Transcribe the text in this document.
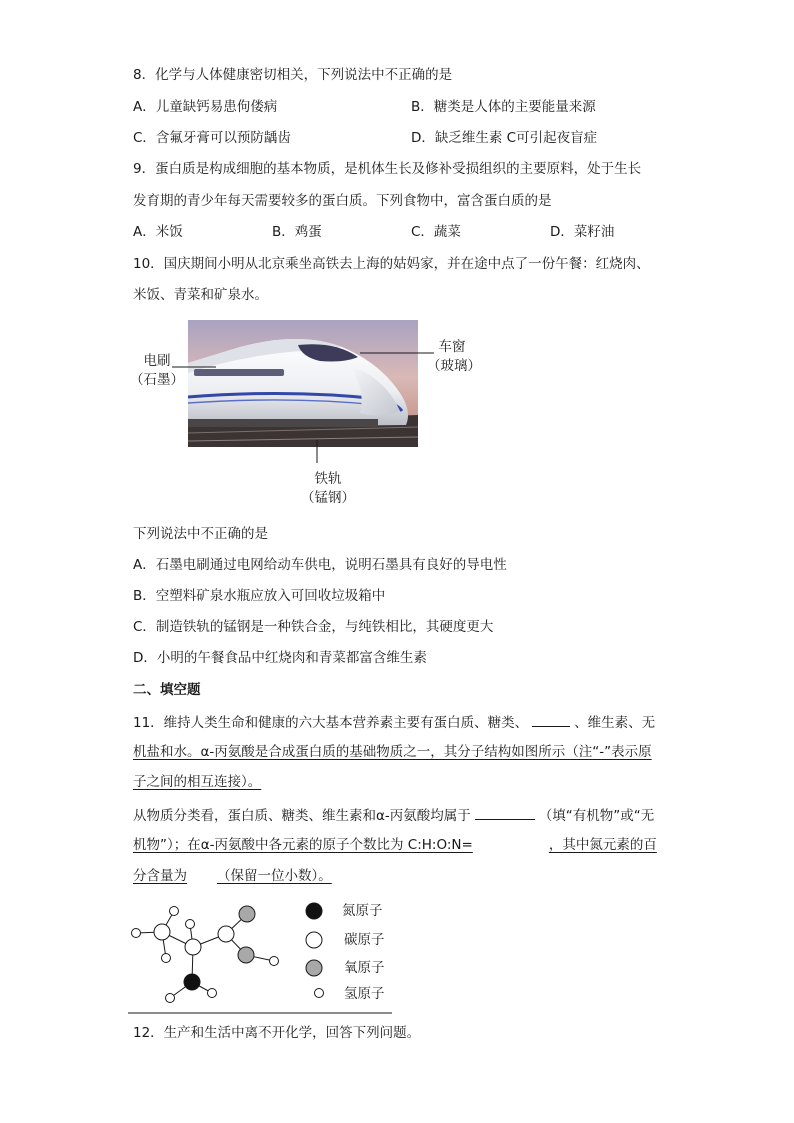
8．化学与人体健康密切相关，下列说法中不正确的是
A．儿童缺钙易患佝偻病	B．糖类是人体的主要能量来源
C．含氟牙膏可以预防龋齿	D．缺乏维生素 C可引起夜盲症
9．蛋白质是构成细胞的基本物质，是机体生长及修补受损组织的主要原料，处于生长
发育期的青少年每天需要较多的蛋白质。下列食物中，富含蛋白质的是
A．米饭	B．鸡蛋	C．蔬菜	D．菜籽油
10．国庆期间小明从北京乘坐高铁去上海的姑妈家，并在途中点了一份午餐：红烧肉、
米饭、青菜和矿泉水。
电刷
（石墨）
车窗
（玻璃）
铁轨
（锰钢）
下列说法中不正确的是
A．石墨电刷通过电网给动车供电，说明石墨具有良好的导电性
B．空塑料矿泉水瓶应放入可回收垃圾箱中
C．制造铁轨的锰钢是一种铁合金，与纯铁相比，其硬度更大
D．小明的午餐食品中红烧肉和青菜都富含维生素
二、填空题
11．维持人类生命和健康的六大基本营养素主要有蛋白质、糖类、	、维生素、无
机盐和水。α-丙氨酸是合成蛋白质的基础物质之一，其分子结构如图所示（注“-”表示原
子之间的相互连接）。
从物质分类看，蛋白质、糖类、维生素和α-丙氨酸均属于	（填“有机物”或“无
机物”）；在α-丙氨酸中各元素的原子个数比为 C:H:O:N=	，其中氮元素的百
分含量为 （保留一位小数）。
氮原子
碳原子
氧原子
氢原子
12．生产和生活中离不开化学，回答下列问题。
